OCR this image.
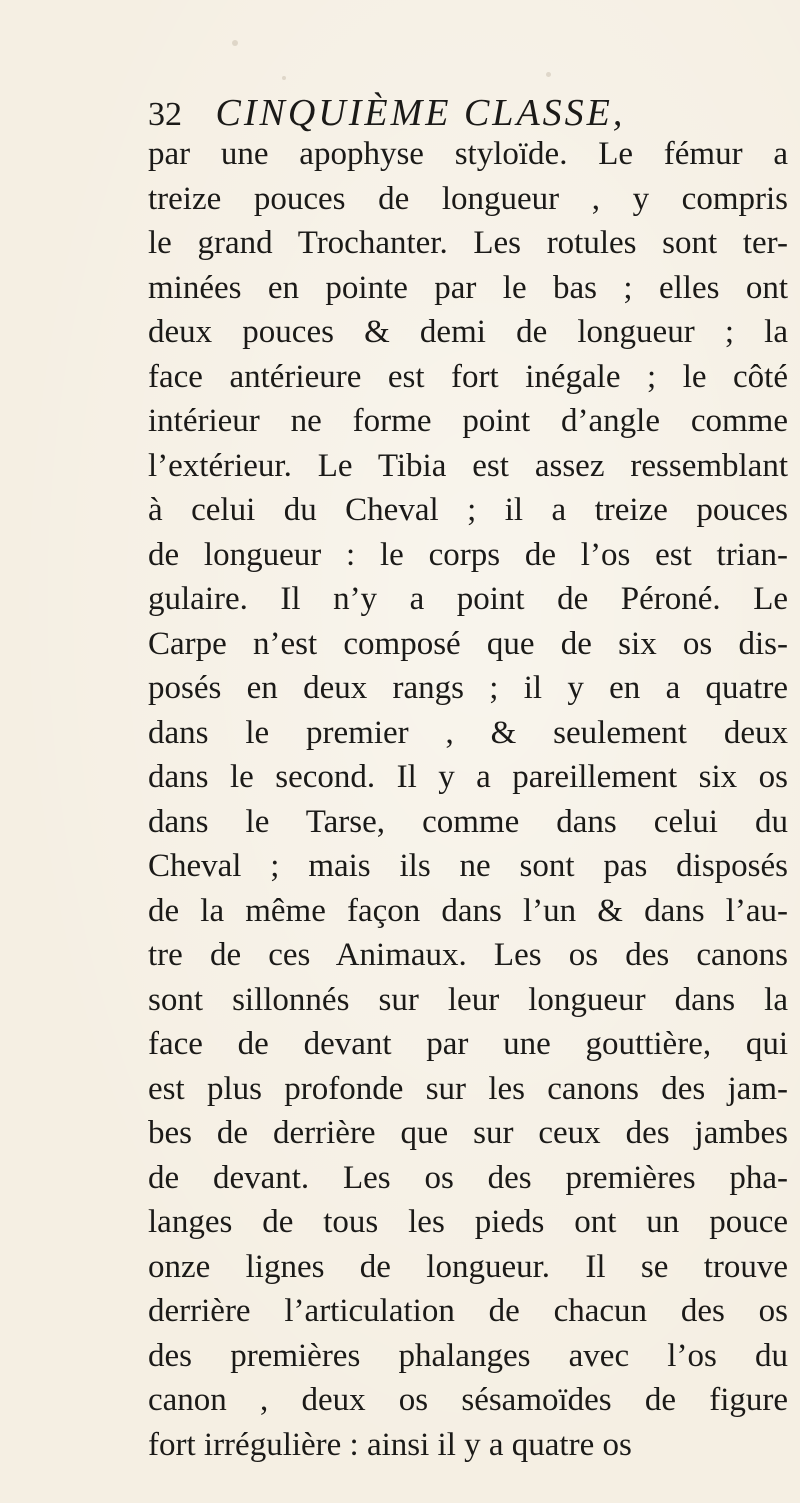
32 CINQUIÈME CLASSE,
par une apophyse styloïde. Le fémur a
treize pouces de longueur , y compris
le grand Trochanter. Les rotules sont ter-
minées en pointe par le bas ; elles ont
deux pouces & demi de longueur ; la
face antérieure est fort inégale ; le côté
intérieur ne forme point d’angle comme
l’extérieur. Le Tibia est assez ressemblant
à celui du Cheval ; il a treize pouces
de longueur : le corps de l’os est trian-
gulaire. Il n’y a point de Péroné. Le
Carpe n’est composé que de six os dis-
posés en deux rangs ; il y en a quatre
dans le premier , & seulement deux
dans le second. Il y a pareillement six os
dans le Tarse, comme dans celui du
Cheval ; mais ils ne sont pas disposés
de la même façon dans l’un & dans l’au-
tre de ces Animaux. Les os des canons
sont sillonnés sur leur longueur dans la
face de devant par une gouttière, qui
est plus profonde sur les canons des jam-
bes de derrière que sur ceux des jambes
de devant. Les os des premières pha-
langes de tous les pieds ont un pouce
onze lignes de longueur. Il se trouve
derrière l’articulation de chacun des os
des premières phalanges avec l’os du
canon , deux os sésamoïdes de figure
fort irrégulière : ainsi il y a quatre os
